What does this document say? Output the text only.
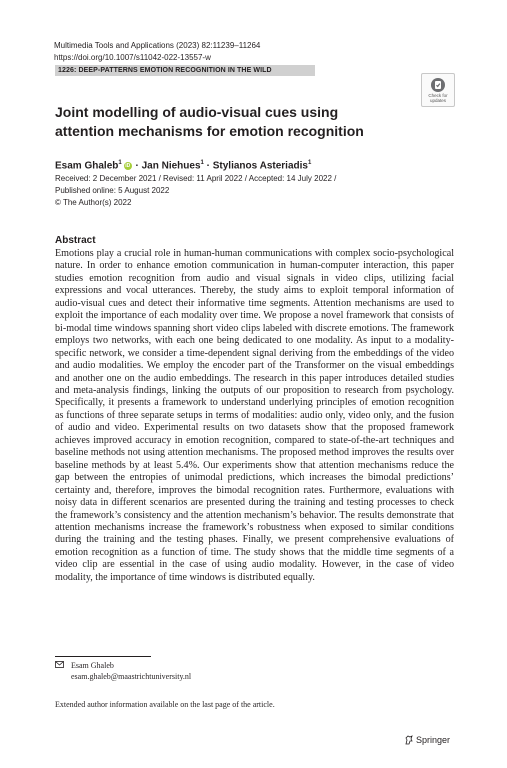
Multimedia Tools and Applications (2023) 82:11239–11264
https://doi.org/10.1007/s11042-022-13557-w
1226: DEEP-PATTERNS EMOTION RECOGNITION IN THE WILD
Check for
updates
Joint modelling of audio-visual cues using attention mechanisms for emotion recognition
Esam Ghaleb$^1$iD · Jan Niehues$^1$ · Stylianos Asteriadis$^1$
Received: 2 December 2021 / Revised: 11 April 2022 / Accepted: 14 July 2022 /
Published online: 5 August 2022
© The Author(s) 2022
Abstract
Emotions play a crucial role in human-human communications with complex socio-psychological nature. In order to enhance emotion communication in human-computer interaction, this paper studies emotion recognition from audio and visual signals in video clips, utilizing facial expressions and vocal utterances. Thereby, the study aims to exploit temporal information of audio-visual cues and detect their informative time segments. Attention mechanisms are used to exploit the importance of each modality over time. We propose a novel framework that consists of bi-modal time windows spanning short video clips labeled with discrete emotions. The framework employs two networks, with each one being dedicated to one modality. As input to a modality-specific network, we consider a time-dependent signal deriving from the embeddings of the video and audio modalities. We employ the encoder part of the Transformer on the visual embeddings and another one on the audio embeddings. The research in this paper introduces detailed studies and meta-analysis findings, linking the outputs of our proposition to research from psychology. Specifically, it presents a framework to understand underlying principles of emotion recognition as functions of three separate setups in terms of modalities: audio only, video only, and the fusion of audio and video. Experimental results on two datasets show that the proposed framework achieves improved accuracy in emotion recognition, compared to state-of-the-art techniques and baseline methods not using attention mechanisms. The proposed method improves the results over baseline methods by at least 5.4%. Our experiments show that attention mechanisms reduce the gap between the entropies of unimodal predictions, which increases the bimodal predictions’ certainty and, therefore, improves the bimodal recognition rates. Furthermore, evaluations with noisy data in different scenarios are presented during the training and testing processes to check the framework’s consistency and the attention mechanism’s behavior. The results demonstrate that attention mechanisms increase the framework’s robustness when exposed to similar conditions during the training and the testing phases. Finally, we present comprehensive evaluations of emotion recognition as a function of time. The study shows that the middle time segments of a video clip are essential in the case of using audio modality. However, in the case of video modality, the importance of time windows is distributed equally.
Esam Ghaleb
esam.ghaleb@maastrichtuniversity.nl
Extended author information available on the last page of the article.
Springer
